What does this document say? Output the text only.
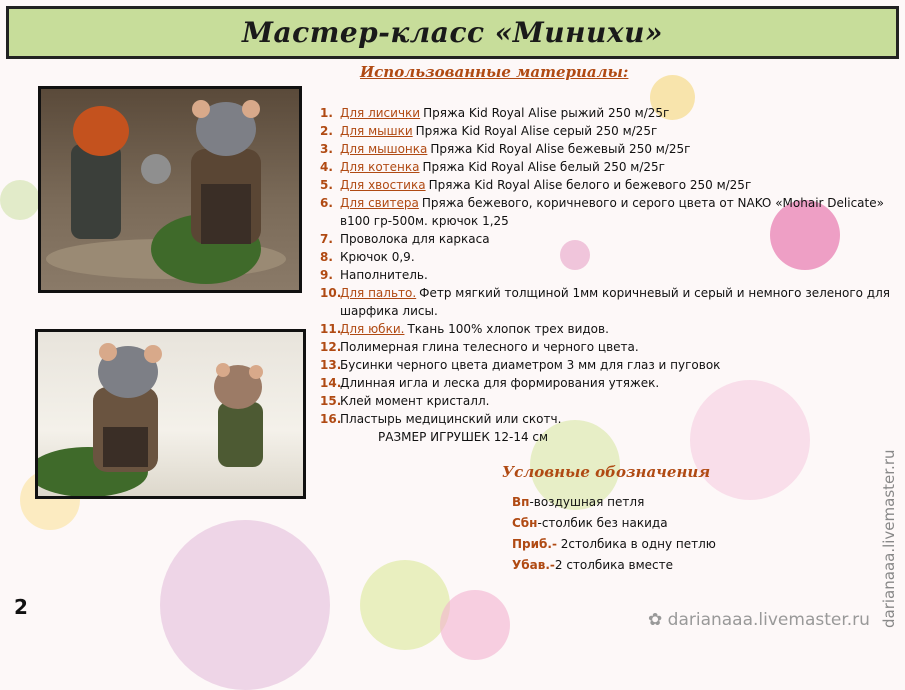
Мастер-класс «Минихи»
Использованные материалы:
1. Для лисички Пряжа Kid Royal Alise рыжий 250 м/25г
2. Для мышки Пряжа Kid Royal Alise серый 250 м/25г
3. Для мышонка Пряжа Kid Royal Alise бежевый 250 м/25г
4. Для котенка Пряжа Kid Royal Alise белый 250 м/25г
5. Для хвостика Пряжа Kid Royal Alise белого и бежевого 250 м/25г
6. Для свитера Пряжа бежевого, коричневого и серого цвета от NAKO «Mohair Delicate» в100 гр-500м. крючок 1,25
7. Проволока для каркаса
8. Крючок 0,9.
9. Наполнитель.
10.
Для пальто. Фетр мягкий толщиной 1мм коричневый и серый и немного зеленого для шарфика лисы.
11.
Для юбки. Ткань 100% хлопок трех видов.
12.
Полимерная глина телесного и черного цвета.
13.
Бусинки черного цвета диаметром 3 мм для глаз и пуговок
14.
Длинная игла и леска для формирования утяжек.
15.
Клей момент кристалл.
16.
Пластырь медицинский или скотч.
РАЗМЕР ИГРУШЕК 12-14 см
Условные обозначения
Вп-воздушная петля
Сбн-столбик без накида
Приб.- 2столбика в одну петлю
Убав.-2 столбика вместе
2	darianaaa.livemaster.ru
✿ darianaaa.livemaster.ru
